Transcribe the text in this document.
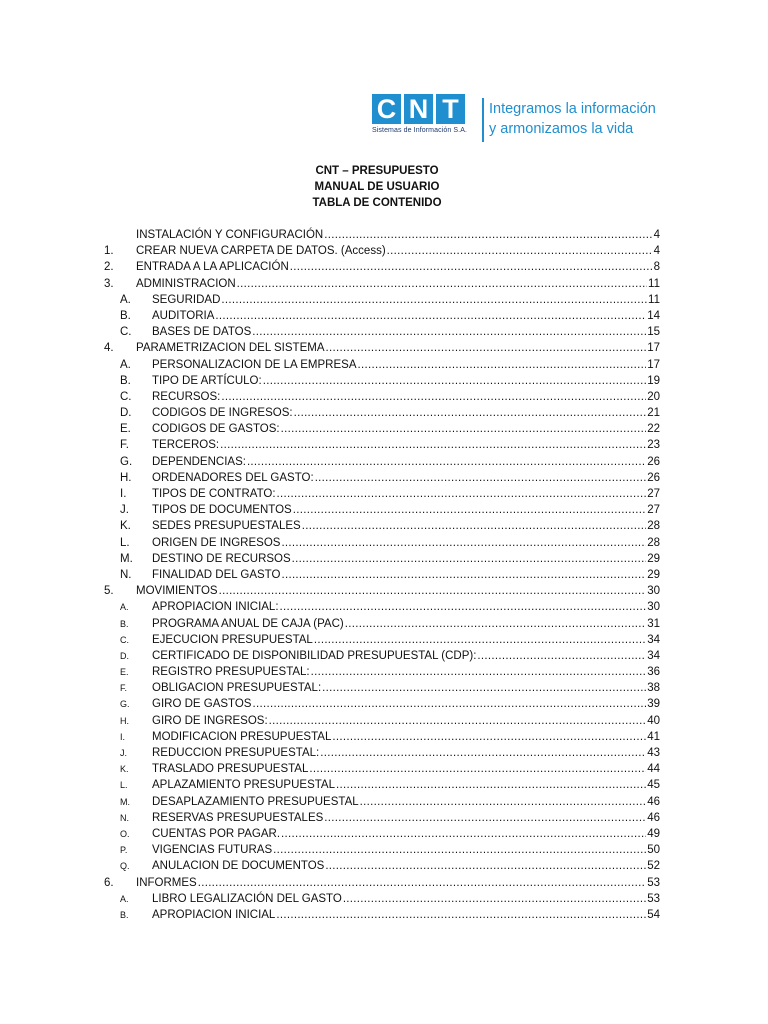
C N T
Sistemas de Información S.A.
Integramos la información
y armonizamos la vida
CNT – PRESUPUESTO
MANUAL DE USUARIO
TABLA DE CONTENIDO
INSTALACIÓN Y CONFIGURACIÓN .....	4
1.	CREAR NUEVA CARPETA DE DATOS. (Access) .....	4
2.	ENTRADA A LA APLICACIÓN .....	8
3.	ADMINISTRACION .....	11
A.	SEGURIDAD .....	11
B.	AUDITORIA .....	14
C.	BASES DE DATOS .....	15
4.	PARAMETRIZACION DEL SISTEMA .....	17
A.	PERSONALIZACION DE LA EMPRESA .....	17
B.	TIPO DE ARTÍCULO: .....	19
C.	RECURSOS: .....	20
D.	CODIGOS DE INGRESOS: .....	21
E.	CODIGOS DE GASTOS: .....	22
F.	TERCEROS: .....	23
G.	DEPENDENCIAS: .....	26
H.	ORDENADORES DEL GASTO: .....	26
I.	TIPOS DE CONTRATO: .....	27
J.	TIPOS DE DOCUMENTOS .....	27
K.	SEDES PRESUPUESTALES .....	28
L.	ORIGEN DE INGRESOS .....	28
M.	DESTINO DE RECURSOS .....	29
N.	FINALIDAD DEL GASTO .....	29
5.	MOVIMIENTOS .....	30
A.	APROPIACION INICIAL: .....	30
B.	PROGRAMA ANUAL DE CAJA (PAC) .....	31
C.	EJECUCION PRESUPUESTAL .....	34
D.	CERTIFICADO DE DISPONIBILIDAD PRESUPUESTAL (CDP): .....	34
E.	REGISTRO PRESUPUESTAL: .....	36
F.	OBLIGACION PRESUPUESTAL: .....	38
G.	GIRO DE GASTOS .....	39
H.	GIRO DE INGRESOS: .....	40
I.	MODIFICACION PRESUPUESTAL .....	41
J.	REDUCCION PRESUPUESTAL: .....	43
K.	TRASLADO PRESUPUESTAL .....	44
L.	APLAZAMIENTO PRESUPUESTAL .....	45
M.	DESAPLAZAMIENTO PRESUPUESTAL .....	46
N.	RESERVAS PRESUPUESTALES .....	46
O.	CUENTAS POR PAGAR. .....	49
P.	VIGENCIAS FUTURAS .....	50
Q.	ANULACION DE DOCUMENTOS .....	52
6.	INFORMES .....	53
A.	LIBRO LEGALIZACIÓN DEL GASTO .....	53
B.	APROPIACION INICIAL .....	54
